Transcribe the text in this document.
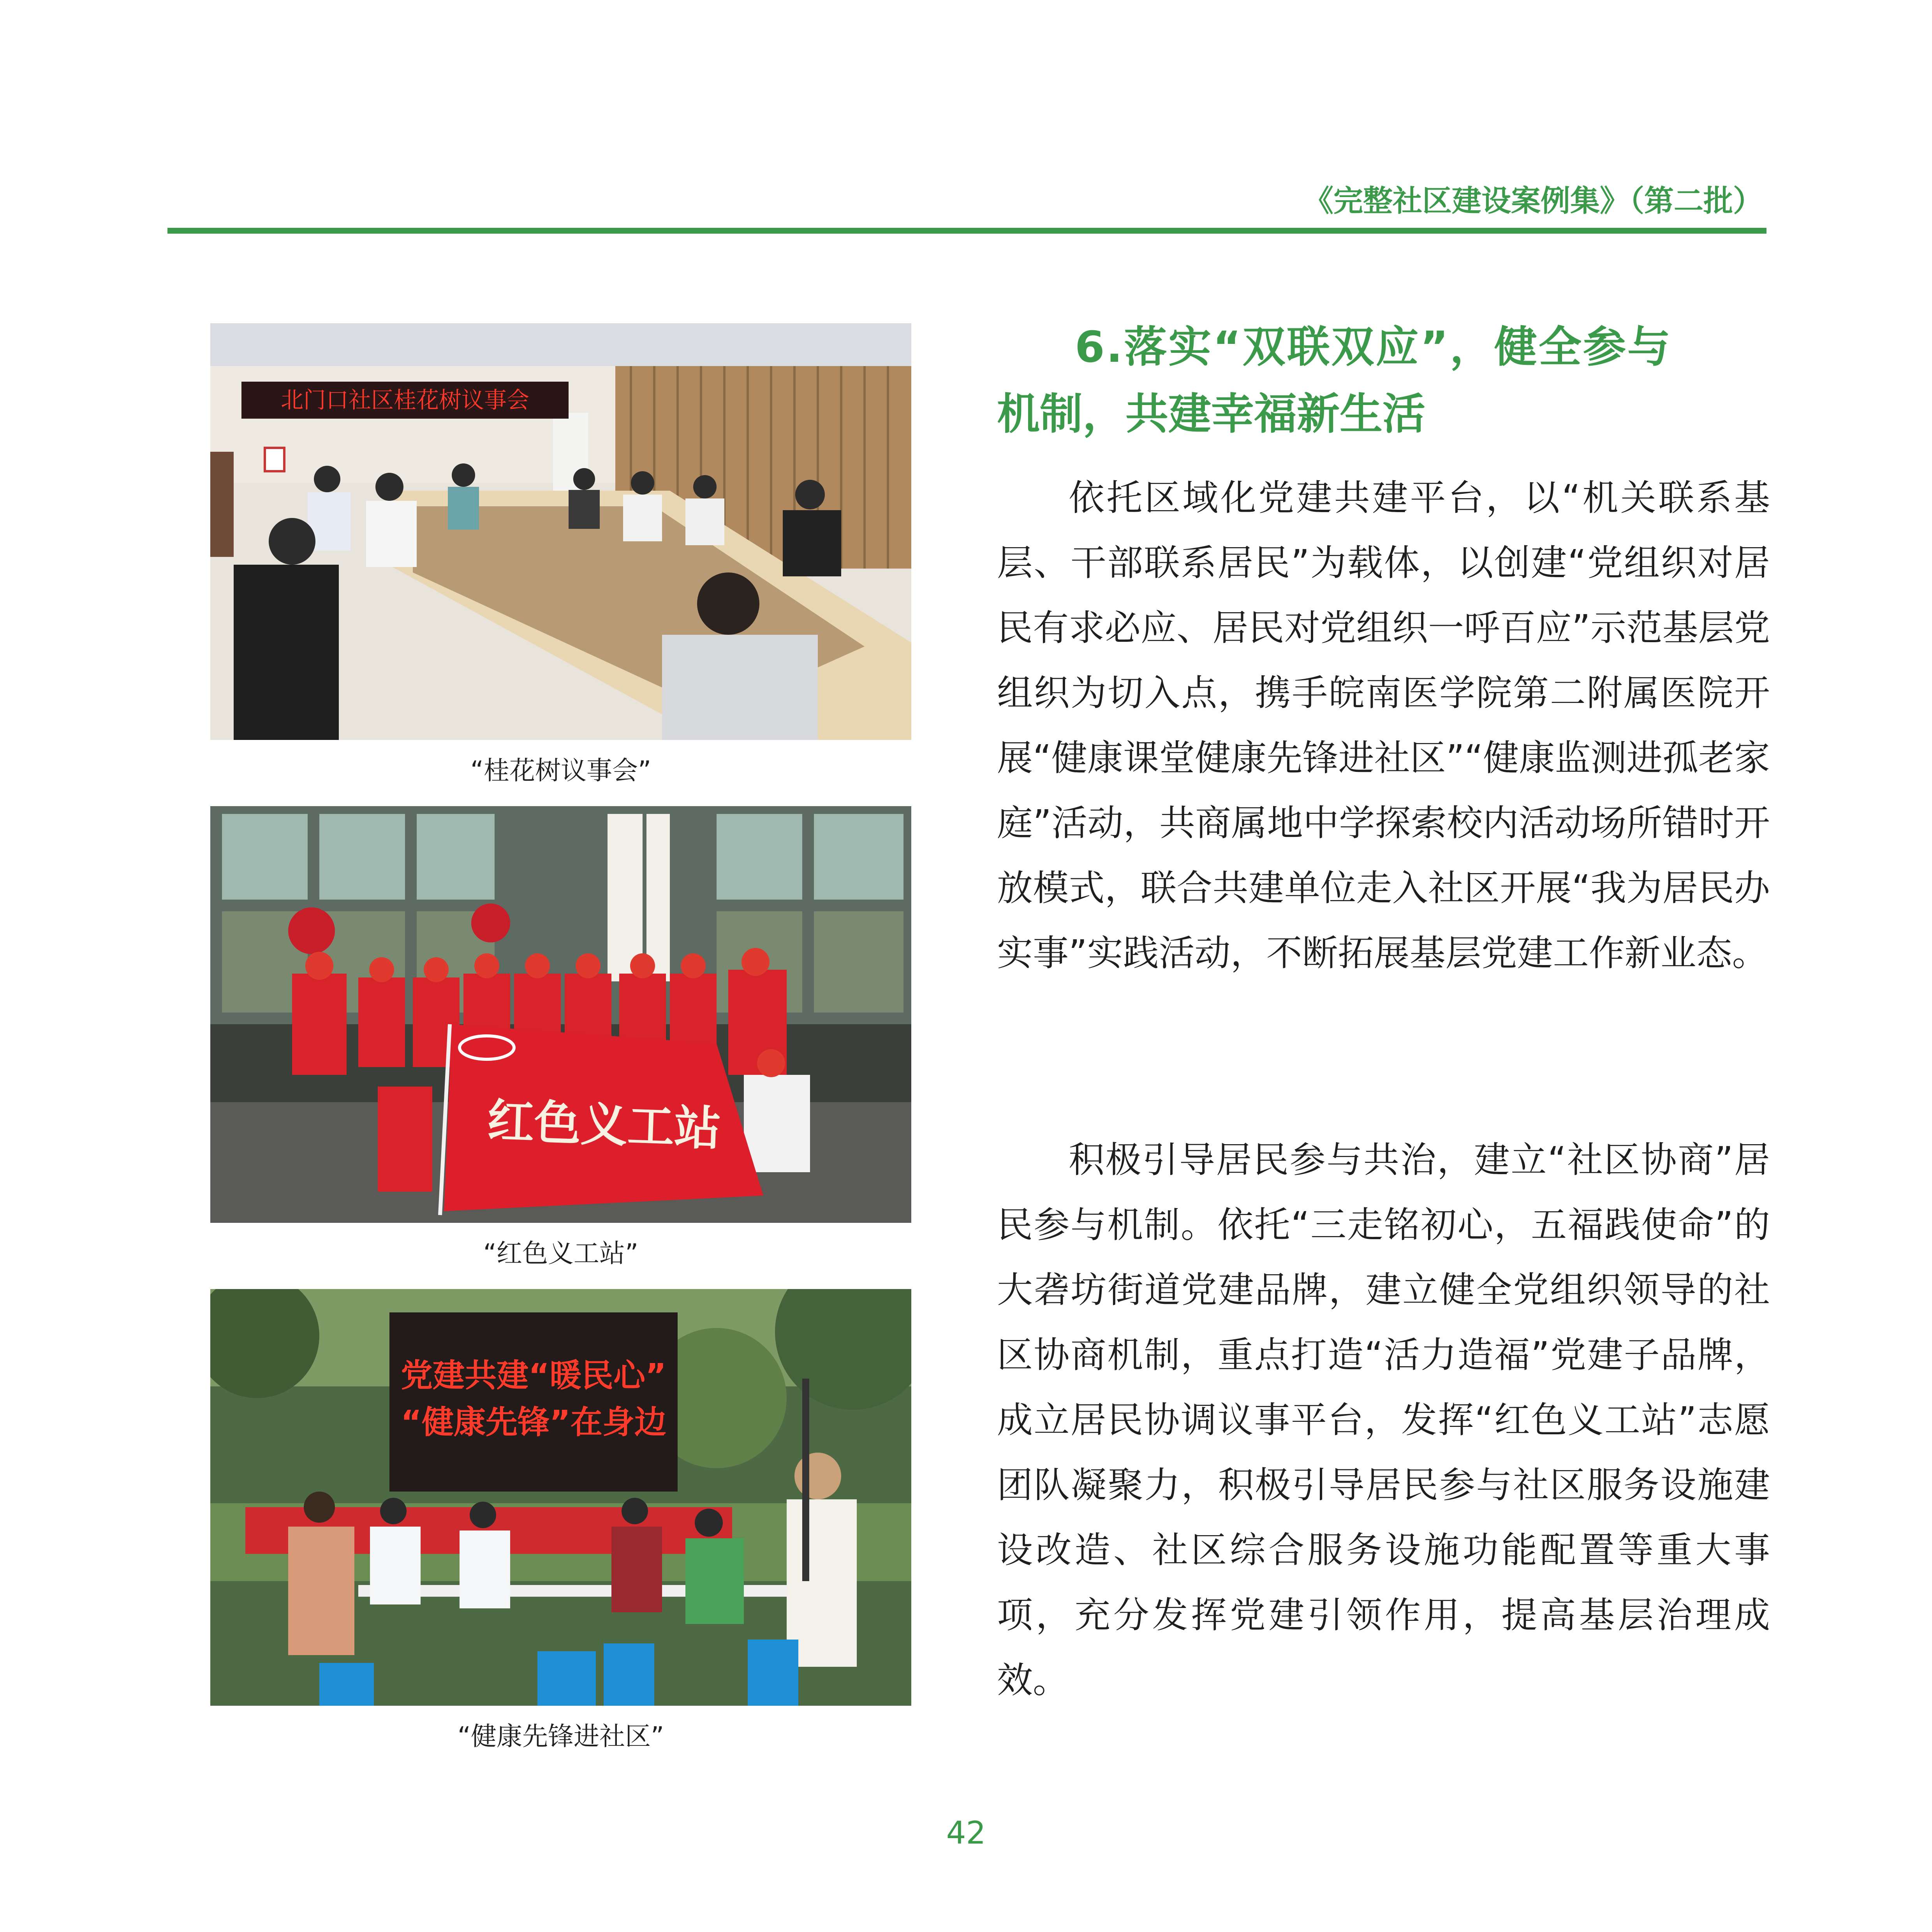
《完整社区建设案例集》（第二批）
北门口社区桂花树议事会
“桂花树议事会”
红色义工站
“红色义工站”
党建共建“暖民心”
“健康先锋”在身边
“健康先锋进社区”
6.落实“双联双应”，健全参与
机制，共建幸福新生活

依托区域化党建共建平台，以“机关联系基层、干部联系居民”为载体，以创建“党组织对居民有求必应、居民对党组织一呼百应”示范基层党组织为切入点，携手皖南医学院第二附属医院开展“健康课堂健康先锋进社区”“健康监测进孤老家庭”活动，共商属地中学探索校内活动场所错时开放模式，联合共建单位走入社区开展“我为居民办实事”实践活动，不断拓展基层党建工作新业态。

积极引导居民参与共治，建立“社区协商”居民参与机制。依托“三走铭初心，五福践使命”的大砻坊街道党建品牌，建立健全党组织领导的社区协商机制，重点打造“活力造福”党建子品牌，成立居民协调议事平台，发挥“红色义工站”志愿团队凝聚力，积极引导居民参与社区服务设施建设改造、社区综合服务设施功能配置等重大事项，充分发挥党建引领作用，提高基层治理成效。

42
